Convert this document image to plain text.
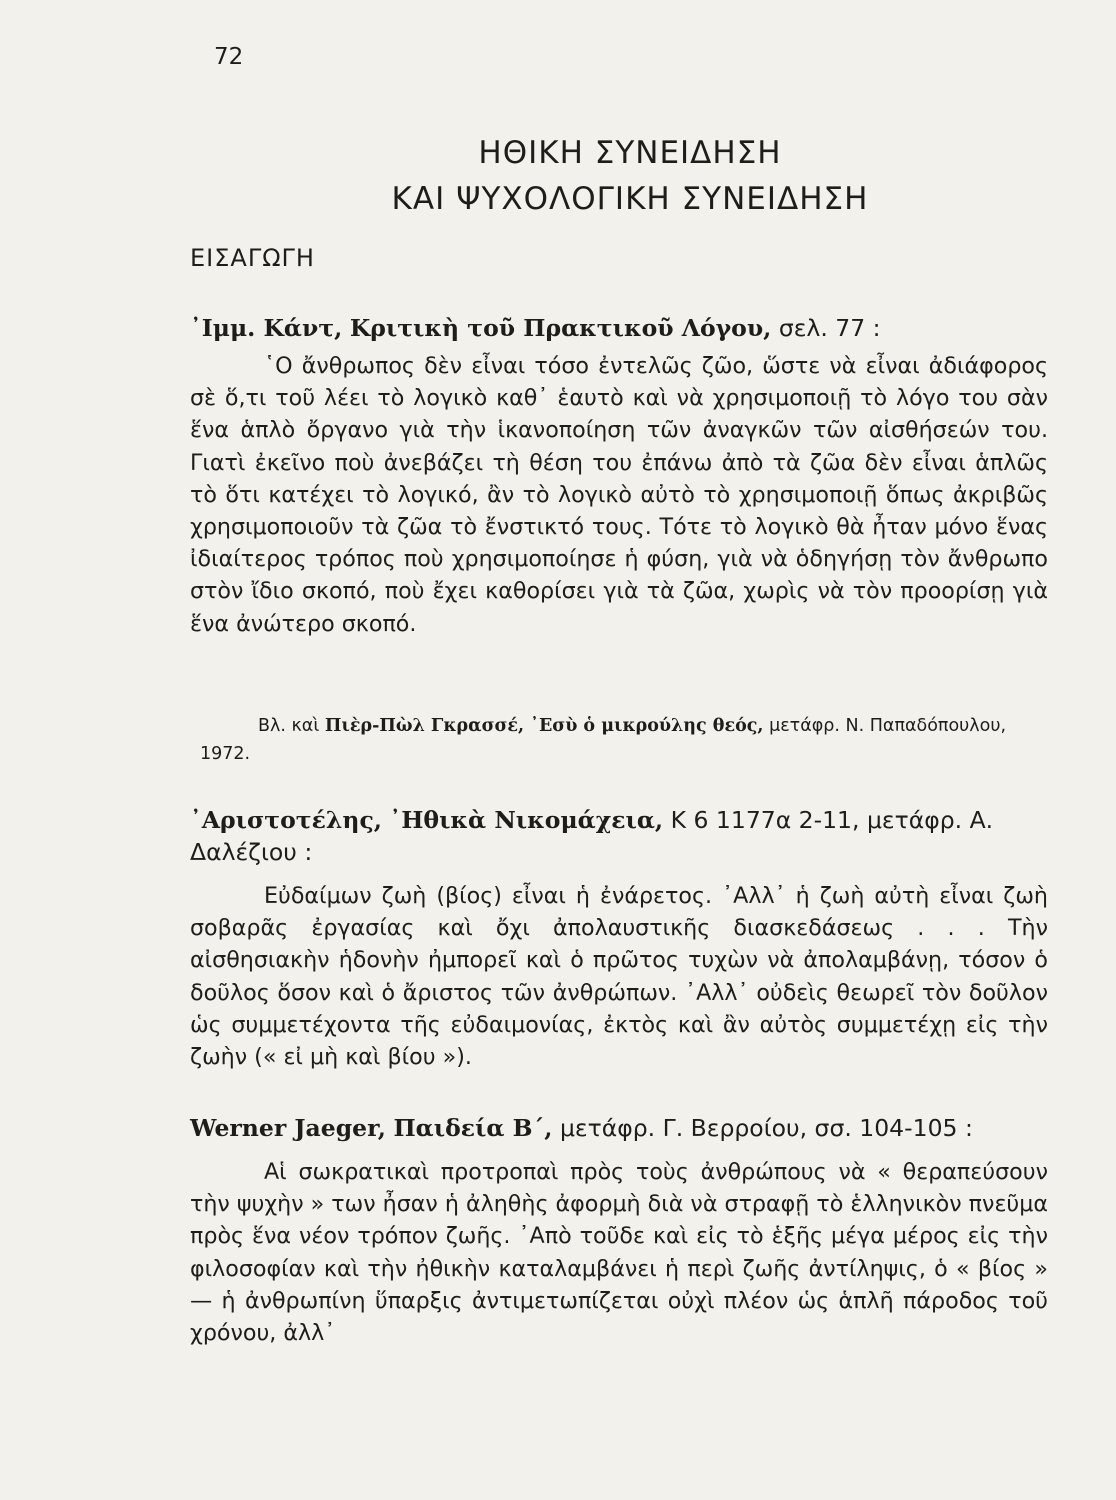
72
ΗΘΙΚΗ ΣΥΝΕΙΔΗΣΗ
ΚΑΙ ΨΥΧΟΛΟΓΙΚΗ ΣΥΝΕΙΔΗΣΗ
ΕΙΣΑΓΩΓΗ
᾿Ιμμ. Κάντ, Κριτικὴ τοῦ Πρακτικοῦ Λόγου, σελ. 77 :

῾Ο ἄνθρωπος δὲν εἶναι τόσο ἐντελῶς ζῶο, ὥστε νὰ εἶναι ἀδιάφορος σὲ ὅ,τι τοῦ λέει τὸ λογικὸ καθ᾿ ἑαυτὸ καὶ νὰ χρησιμοποιῇ τὸ λόγο του σὰν ἕνα ἁπλὸ ὄργανο γιὰ τὴν ἱκανοποίηση τῶν ἀναγκῶν τῶν αἰσθήσεών του. Γιατὶ ἐκεῖνο ποὺ ἀνεβάζει τὴ θέση του ἐπάνω ἀπὸ τὰ ζῶα δὲν εἶναι ἁπλῶς τὸ ὅτι κατέχει τὸ λογικό, ἂν τὸ λογικὸ αὐτὸ τὸ χρησιμοποιῇ ὅπως ἀκριβῶς χρησιμοποιοῦν τὰ ζῶα τὸ ἔνστικτό τους. Τότε τὸ λογικὸ θὰ ἦταν μόνο ἕνας ἰδιαίτερος τρόπος ποὺ χρησιμοποίησε ἡ φύση, γιὰ νὰ ὁδηγήσῃ τὸν ἄνθρωπο στὸν ἴδιο σκοπό, ποὺ ἔχει καθορίσει γιὰ τὰ ζῶα, χωρὶς νὰ τὸν προορίσῃ γιὰ ἕνα ἀνώτερο σκοπό.

Βλ. καὶ Πιὲρ-Πὼλ Γκρασσέ, ᾿Εσὺ ὁ μικρούλης θεός, μετάφρ. Ν. Παπαδόπουλου, 1972.

᾿Αριστοτέλης, ᾿Ηθικὰ Νικομάχεια, Κ 6 1177α 2-11, μετάφρ. Α. Δαλέζιου :

Εὐδαίμων ζωὴ (βίος) εἶναι ἡ ἐνάρετος. ᾿Αλλ᾿ ἡ ζωὴ αὐτὴ εἶναι ζωὴ σοβαρᾶς ἐργασίας καὶ ὄχι ἀπολαυστικῆς διασκεδάσεως . . . Τὴν αἰσθησιακὴν ἡδονὴν ἠμπορεῖ καὶ ὁ πρῶτος τυχὼν νὰ ἀπολαμβάνῃ, τόσον ὁ δοῦλος ὅσον καὶ ὁ ἄριστος τῶν ἀνθρώπων. ᾿Αλλ᾿ οὐδεὶς θεωρεῖ τὸν δοῦλον ὡς συμμετέχοντα τῆς εὐδαιμονίας, ἐκτὸς καὶ ἂν αὐτὸς συμμετέχῃ εἰς τὴν ζωὴν (« εἰ μὴ καὶ βίου »).

Werner Jaeger, Παιδεία Β΄, μετάφρ. Γ. Βερροίου, σσ. 104-105 :

Αἱ σωκρατικαὶ προτροπαὶ πρὸς τοὺς ἀνθρώπους νὰ « θεραπεύσουν τὴν ψυχὴν » των ἦσαν ἡ ἀληθὴς ἀφορμὴ διὰ νὰ στραφῇ τὸ ἑλληνικὸν πνεῦμα πρὸς ἕνα νέον τρόπον ζωῆς. ᾿Απὸ τοῦδε καὶ εἰς τὸ ἑξῆς μέγα μέρος εἰς τὴν φιλοσοφίαν καὶ τὴν ἠθικὴν καταλαμβάνει ἡ περὶ ζωῆς ἀντίληψις, ὁ « βίος » — ἡ ἀνθρωπίνη ὕπαρξις ἀντιμετωπίζεται οὐχὶ πλέον ὡς ἁπλῆ πάροδος τοῦ χρόνου, ἀλλ᾿
